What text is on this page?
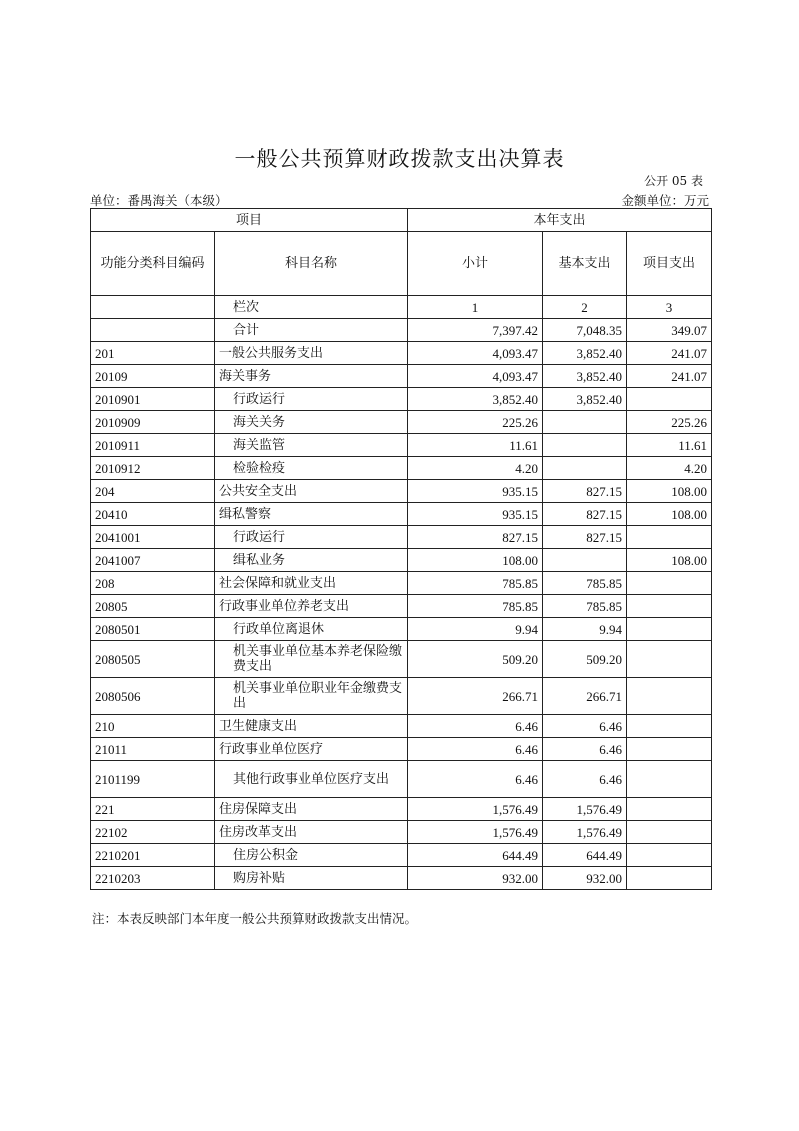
一般公共预算财政拨款支出决算表
公开 05 表
单位：番禺海关（本级）	金额单位：万元
项目		本年支出		
功能分类科目编码	科目名称	小计	基本支出	项目支出
	栏次	1	2	3
	合计	7,397.42	7,048.35	349.07
201	一般公共服务支出	4,093.47	3,852.40	241.07
20109	海关事务	4,093.47	3,852.40	241.07
2010901	行政运行	3,852.40	3,852.40	
2010909	海关关务	225.26		225.26
2010911	海关监管	11.61		11.61
2010912	检验检疫	4.20		4.20
204	公共安全支出	935.15	827.15	108.00
20410	缉私警察	935.15	827.15	108.00
2041001	行政运行	827.15	827.15	
2041007	缉私业务	108.00		108.00
208	社会保障和就业支出	785.85	785.85	
20805	行政事业单位养老支出	785.85	785.85	
2080501	行政单位离退休	9.94	9.94	
2080505	机关事业单位基本养老保险缴费支出	509.20	509.20	
2080506	机关事业单位职业年金缴费支出	266.71	266.71	
210	卫生健康支出	6.46	6.46	
21011	行政事业单位医疗	6.46	6.46	
2101199	其他行政事业单位医疗支出	6.46	6.46	
221	住房保障支出	1,576.49	1,576.49	
22102	住房改革支出	1,576.49	1,576.49	
2210201	住房公积金	644.49	644.49	
2210203	购房补贴	932.00	932.00	
注：本表反映部门本年度一般公共预算财政拨款支出情况。
